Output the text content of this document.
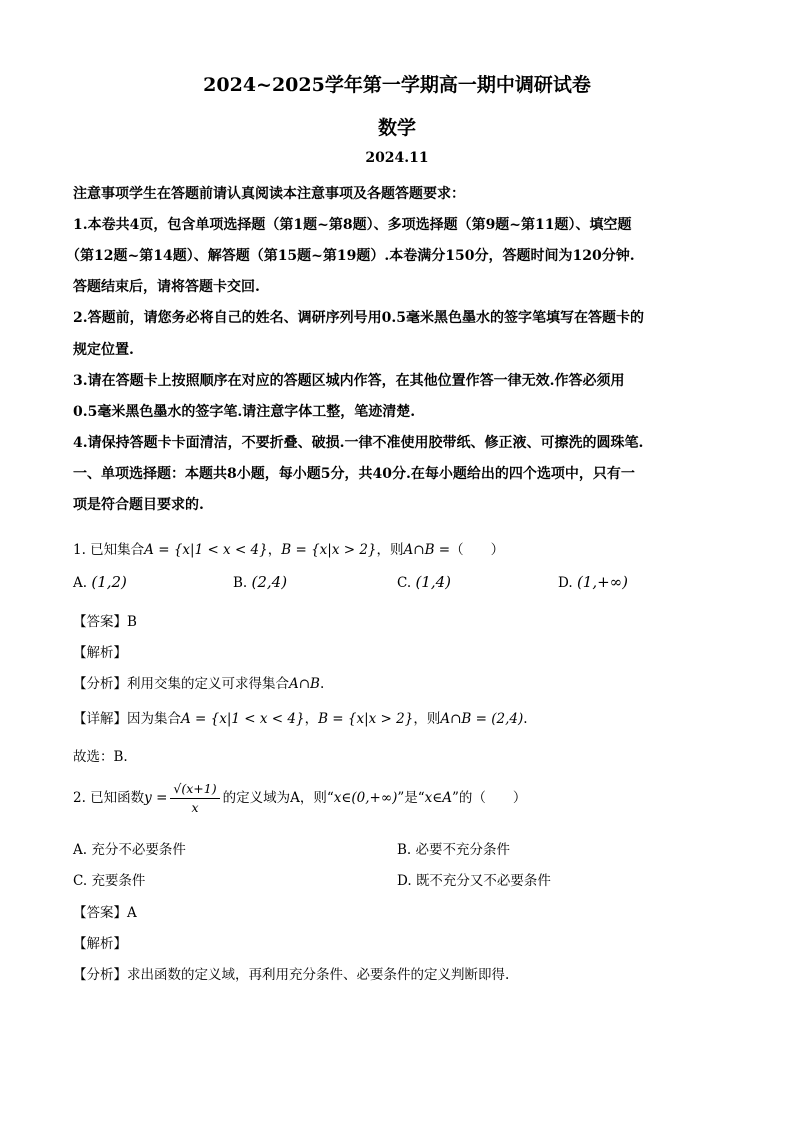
2024~2025学年第一学期高一期中调研试卷
数学
2024.11
注意事项学生在答题前请认真阅读本注意事项及各题答题要求：
1.本卷共4页，包含单项选择题（第1题~第8题）、多项选择题（第9题~第11题）、填空题
（第12题~第14题）、解答题（第15题~第19题）.本卷满分150分，答题时间为120分钟.
答题结束后，请将答题卡交回.
2.答题前，请您务必将自己的姓名、调研序列号用0.5毫米黑色墨水的签字笔填写在答题卡的
规定位置.
3.请在答题卡上按照顺序在对应的答题区城内作答，在其他位置作答一律无效.作答必须用
0.5毫米黑色墨水的签字笔.请注意字体工整，笔迹清楚.
4.请保持答题卡卡面清洁，不要折叠、破损.一律不准使用胶带纸、修正液、可擦洗的圆珠笔.
一、单项选择题：本题共8小题，每小题5分，共40分.在每小题给出的四个选项中，只有一
项是符合题目要求的.
1. 已知集合A = {x|1 < x < 4}，B = {x|x > 2}，则A∩B =（　　）
A. (1,2)	B. (2,4)	C. (1,4)	D. (1,+∞)
【答案】B
【解析】
【分析】利用交集的定义可求得集合A∩B.
【详解】因为集合A = {x|1 < x < 4}，B = {x|x > 2}，则A∩B = (2,4).
故选：B.
2. 已知函数$y = \frac{√(x+1)}{x}$ 的定义域为A，则“x∈(0,+∞)”是“x∈A”的（　　）
A. 充分不必要条件	B. 必要不充分条件
C. 充要条件	D. 既不充分又不必要条件
【答案】A
【解析】
【分析】求出函数的定义域，再利用充分条件、必要条件的定义判断即得.
